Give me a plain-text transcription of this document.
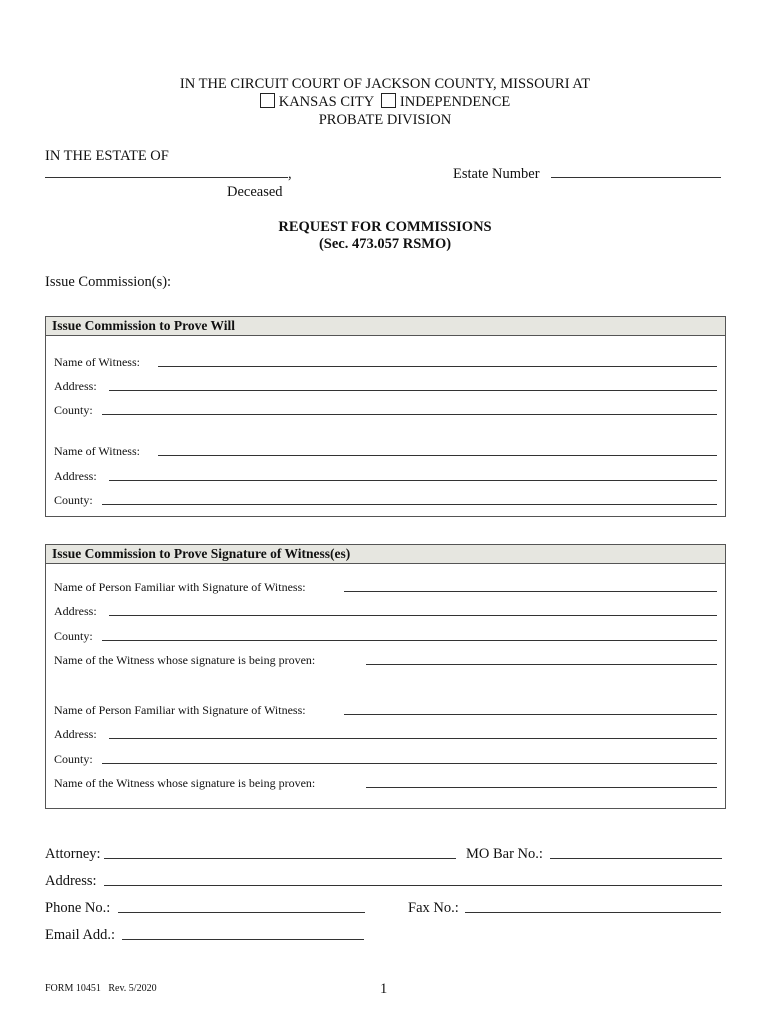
IN THE CIRCUIT COURT OF JACKSON COUNTY, MISSOURI AT
KANSAS CITY INDEPENDENCE
PROBATE DIVISION
IN THE ESTATE OF
,
Deceased
Estate Number
REQUEST FOR COMMISSIONS
(Sec. 473.057 RSMO)
Issue Commission(s):
Issue Commission to Prove Will
Name of Witness:
Address:
County:
Name of Witness:
Address:
County:
Issue Commission to Prove Signature of Witness(es)
Name of Person Familiar with Signature of Witness:
Address:
County:
Name of the Witness whose signature is being proven:
Name of Person Familiar with Signature of Witness:
Address:
County:
Name of the Witness whose signature is being proven:
Attorney:	MO Bar No.:
Address:
Phone No.:	Fax No.:
Email Add.:
FORM 10451   Rev. 5/2020	1
